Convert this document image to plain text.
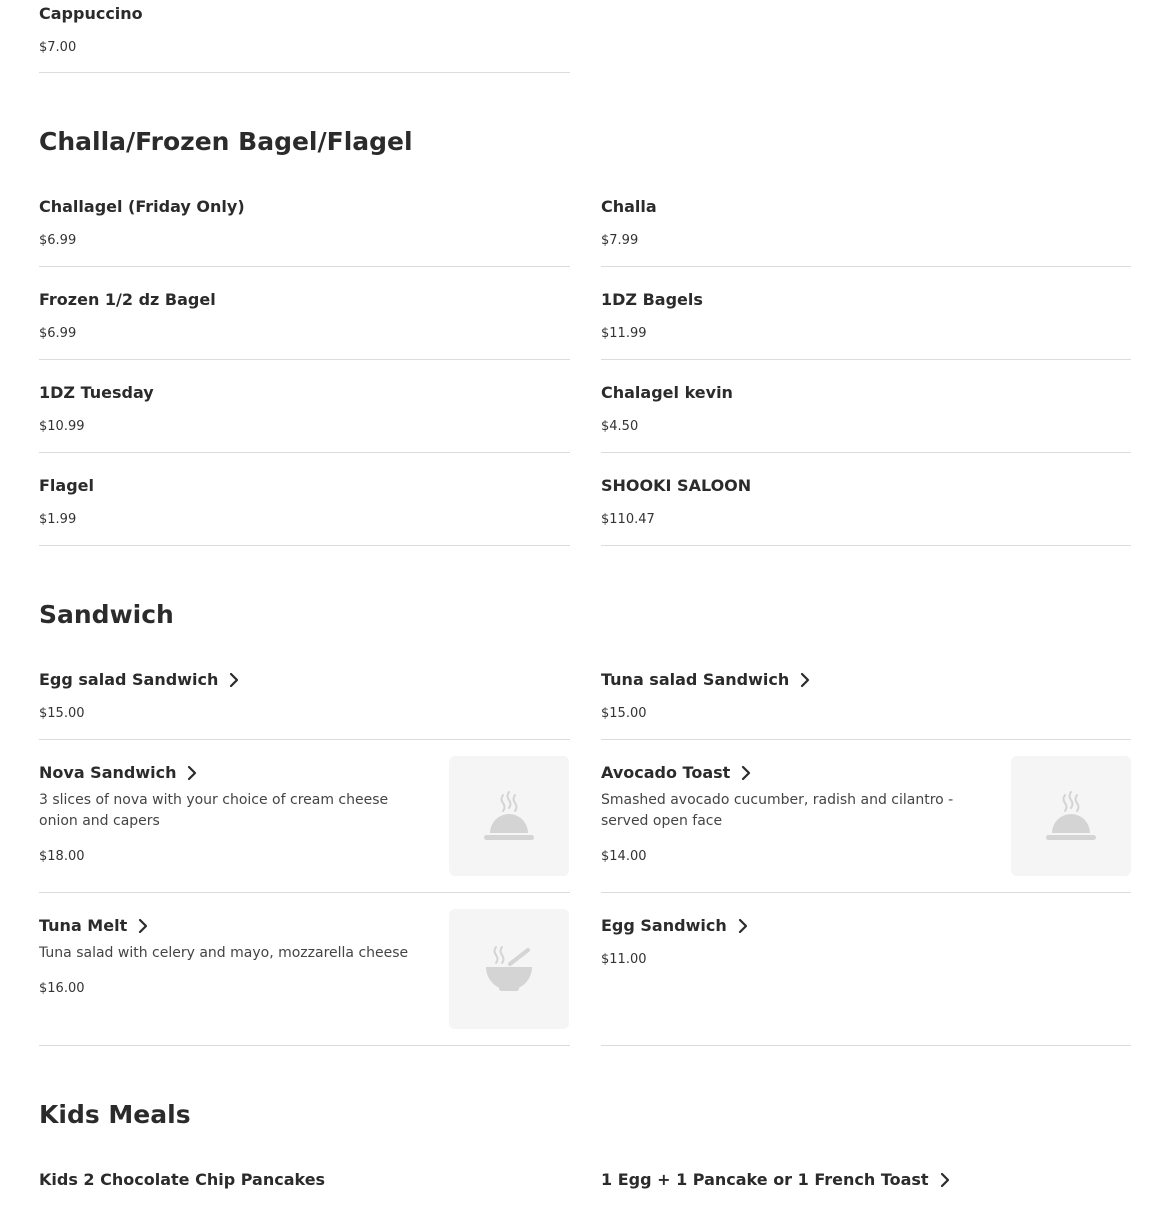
Cappuccino
$7.00
Challa/Frozen Bagel/Flagel
Challagel (Friday Only)
$6.99
Challa
$7.99
Frozen 1/2 dz Bagel
$6.99
1DZ Bagels
$11.99
1DZ Tuesday
$10.99
Chalagel kevin
$4.50
Flagel
$1.99
SHOOKI SALOON
$110.47
Sandwich
Egg salad Sandwich
$15.00
Tuna salad Sandwich
$15.00
Nova Sandwich
3 slices of nova with your choice of cream cheese onion and capers
$18.00
Avocado Toast
Smashed avocado cucumber, radish and cilantro - served open face
$14.00
Tuna Melt
Tuna salad with celery and mayo, mozzarella cheese
$16.00
Egg Sandwich
$11.00
Kids Meals
Kids 2 Chocolate Chip Pancakes	1 Egg + 1 Pancake or 1 French Toast
